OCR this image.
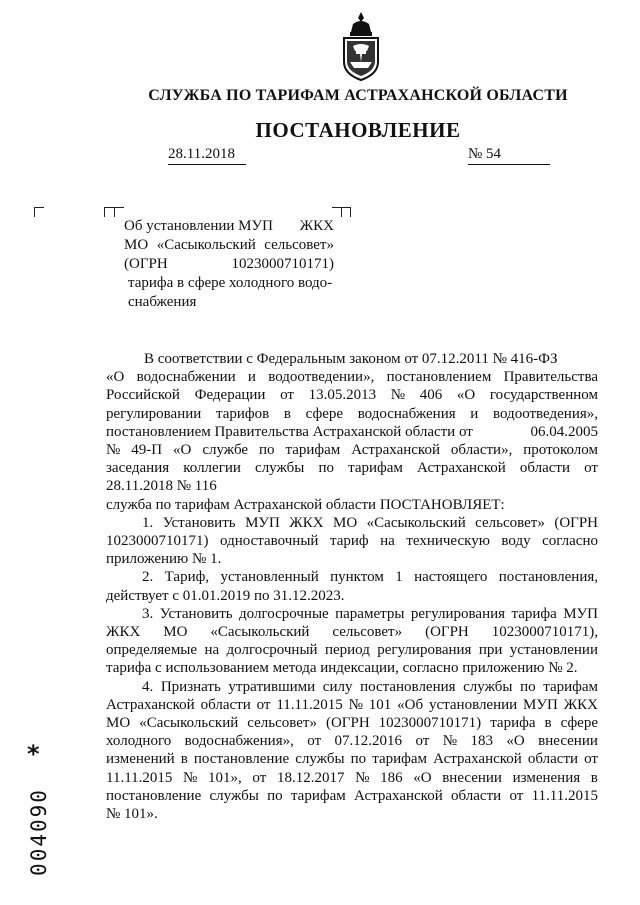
СЛУЖБА ПО ТАРИФАМ АСТРАХАНСКОЙ ОБЛАСТИ
ПОСТАНОВЛЕНИЕ
28.11.2018	№ 54
Об установлении МУП ЖКХ
МО «Сасыкольский сельсовет»
(ОГРН	1023000710171)
тарифа в сфере холодного водо-
снабжения
В соответствии с Федеральным законом от 07.12.2011 № 416-ФЗ
«О водоснабжении и водоотведении», постановлением Правительства
Российской Федерации от 13.05.2013 № 406 «О государственном
регулировании тарифов в сфере водоснабжения и водоотведения»,
постановлением Правительства Астраханской области от	06.04.2005
№ 49-П «О службе по тарифам Астраханской области», протоколом
заседания коллегии службы по тарифам Астраханской области от
28.11.2018 № 116
служба по тарифам Астраханской области ПОСТАНОВЛЯЕТ:
1. Установить МУП ЖКХ МО «Сасыкольский сельсовет» (ОГРН
1023000710171) одноставочный тариф на техническую воду согласно
приложению № 1.
2. Тариф, установленный пунктом 1 настоящего постановления,
действует с 01.01.2019 по 31.12.2023.
3. Установить долгосрочные параметры регулирования тарифа МУП
ЖКХ МО «Сасыкольский сельсовет» (ОГРН 1023000710171),
определяемые на долгосрочный период регулирования при установлении
тарифа с использованием метода индексации, согласно приложению № 2.
4. Признать утратившими силу постановления службы по тарифам
Астраханской области от 11.11.2015 № 101 «Об установлении МУП ЖКХ
МО «Сасыкольский сельсовет» (ОГРН 1023000710171) тарифа в сфере
холодного водоснабжения», от 07.12.2016 от № 183 «О внесении
изменений в постановление службы по тарифам Астраханской области от
11.11.2015 № 101», от 18.12.2017 № 186 «О внесении изменения в
постановление службы по тарифам Астраханской области от 11.11.2015
№ 101».
*
004090
